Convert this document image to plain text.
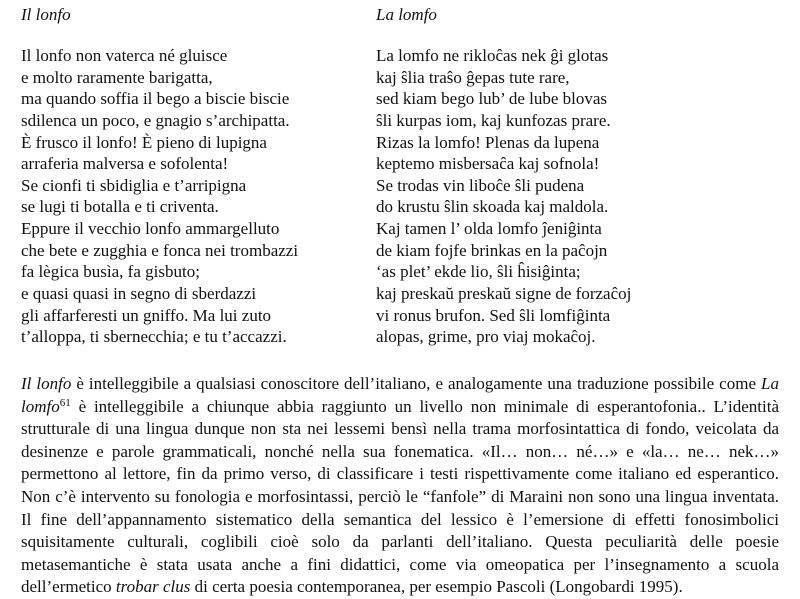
Il lonfo
Il lonfo non vaterca né gluisce
e molto raramente barigatta,
ma quando soffia il bego a biscie biscie
sdilenca un poco, e gnagio s’archipatta.
È frusco il lonfo! È pieno di lupigna
arraferia malversa e sofolenta!
Se cionfi ti sbidiglia e t’arripigna
se lugi ti botalla e ti criventa.
Eppure il vecchio lonfo ammargelluto
che bete e zugghia e fonca nei trombazzi
fa lègica busìa, fa gisbuto;
e quasi quasi in segno di sberdazzi
gli affarferesti un gniffo. Ma lui zuto
t’alloppa, ti sbernecchia; e tu t’accazzi.
La lomfo
La lomfo ne rikloĉas nek ĝi glotas
kaj ŝlia traŝo ĝepas tute rare,
sed kiam bego lub’ de lube blovas
ŝli kurpas iom, kaj kunfozas prare.
Rizas la lomfo! Plenas da lupena
keptemo misbersaĉa kaj sofnola!
Se trodas vin liboĉe ŝli pudena
do krustu ŝlin skoada kaj maldola.
Kaj tamen l’ olda lomfo ĵeniĝinta
de kiam fojfe brinkas en la paĉojn
‘as plet’ ekde lio, ŝli ĥisiĝinta;
kaj preskaŭ preskaŭ signe de forzaĉoj
vi ronus brufon. Sed ŝli lomfiĝinta
alopas, grime, pro viaj mokaĉoj.

Il lonfo è intelleggibile a qualsiasi conoscitore dell’italiano, e analogamente una traduzione possibile come La lomfo$^{61}$ è intelleggibile a chiunque abbia raggiunto un livello non minimale di esperantofonia.. L’identità strutturale di una lingua dunque non sta nei lessemi bensì nella trama morfosintattica di fondo, veicolata da desinenze e parole grammaticali, nonché nella sua fonematica. «Il… non… né…» e «la… ne… nek…» permettono al lettore, fin da primo verso, di classificare i testi rispettivamente come italiano ed esperantico. Non c’è intervento su fonologia e morfosintassi, perciò le “fanfole” di Maraini non sono una lingua inventata. Il fine dell’appannamento sistematico della semantica del lessico è l’emersione di effetti fonosimbolici squisitamente culturali, coglibili cioè solo da parlanti dell’italiano. Questa peculiarità delle poesie metasemantiche è stata usata anche a fini didattici, come via omeopatica per l’insegnamento a scuola dell’ermetico trobar clus di certa poesia contemporanea, per esempio Pascoli (Longobardi 1995).
